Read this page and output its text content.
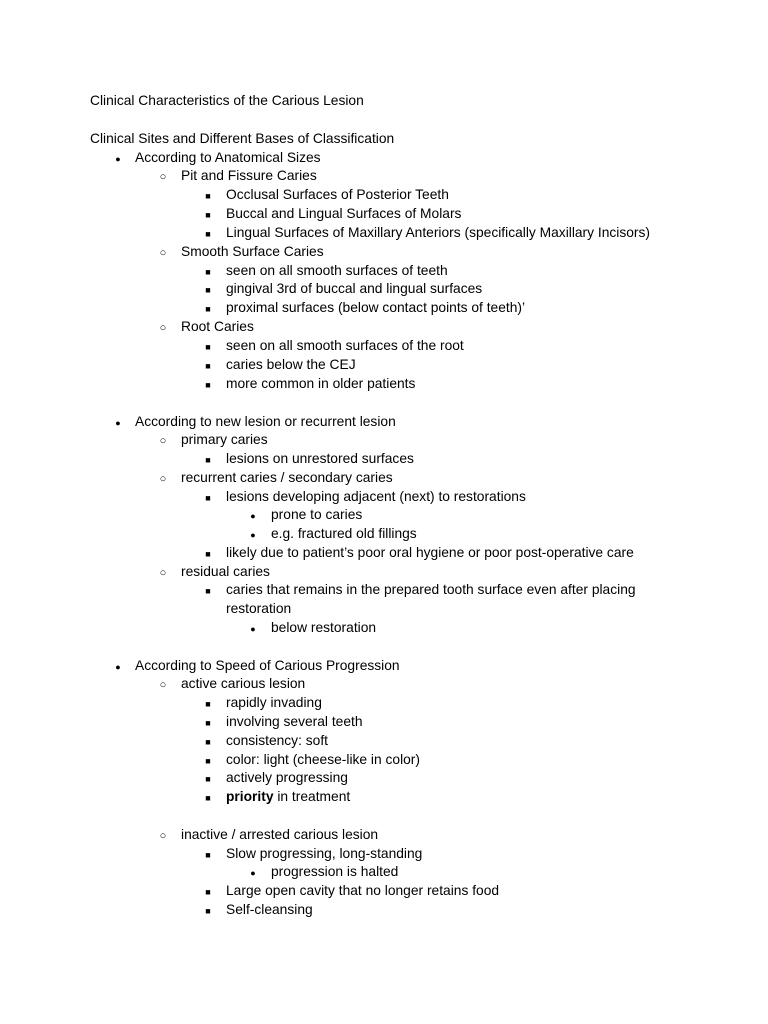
Clinical Characteristics of the Carious Lesion
Clinical Sites and Different Bases of Classification
●
According to Anatomical Sizes
○
Pit and Fissure Caries
■
Occlusal Surfaces of Posterior Teeth
■
Buccal and Lingual Surfaces of Molars
■
Lingual Surfaces of Maxillary Anteriors (specifically Maxillary Incisors)
○
Smooth Surface Caries
■
seen on all smooth surfaces of teeth
■
gingival 3rd of buccal and lingual surfaces
■
proximal surfaces (below contact points of teeth)’
○
Root Caries
■
seen on all smooth surfaces of the root
■
caries below the CEJ
■
more common in older patients
●
According to new lesion or recurrent lesion
○
primary caries
■
lesions on unrestored surfaces
○
recurrent caries / secondary caries
■
lesions developing adjacent (next) to restorations
●
prone to caries
●
e.g. fractured old fillings
■
likely due to patient’s poor oral hygiene or poor post-operative care
○
residual caries
■
caries that remains in the prepared tooth surface even after placing
restoration
●
below restoration
●
According to Speed of Carious Progression
○
active carious lesion
■
rapidly invading
■
involving several teeth
■
consistency: soft
■
color: light (cheese-like in color)
■
actively progressing
■
priority in treatment
○
inactive / arrested carious lesion
■
Slow progressing, long-standing
●
progression is halted
■
Large open cavity that no longer retains food
■
Self-cleansing
